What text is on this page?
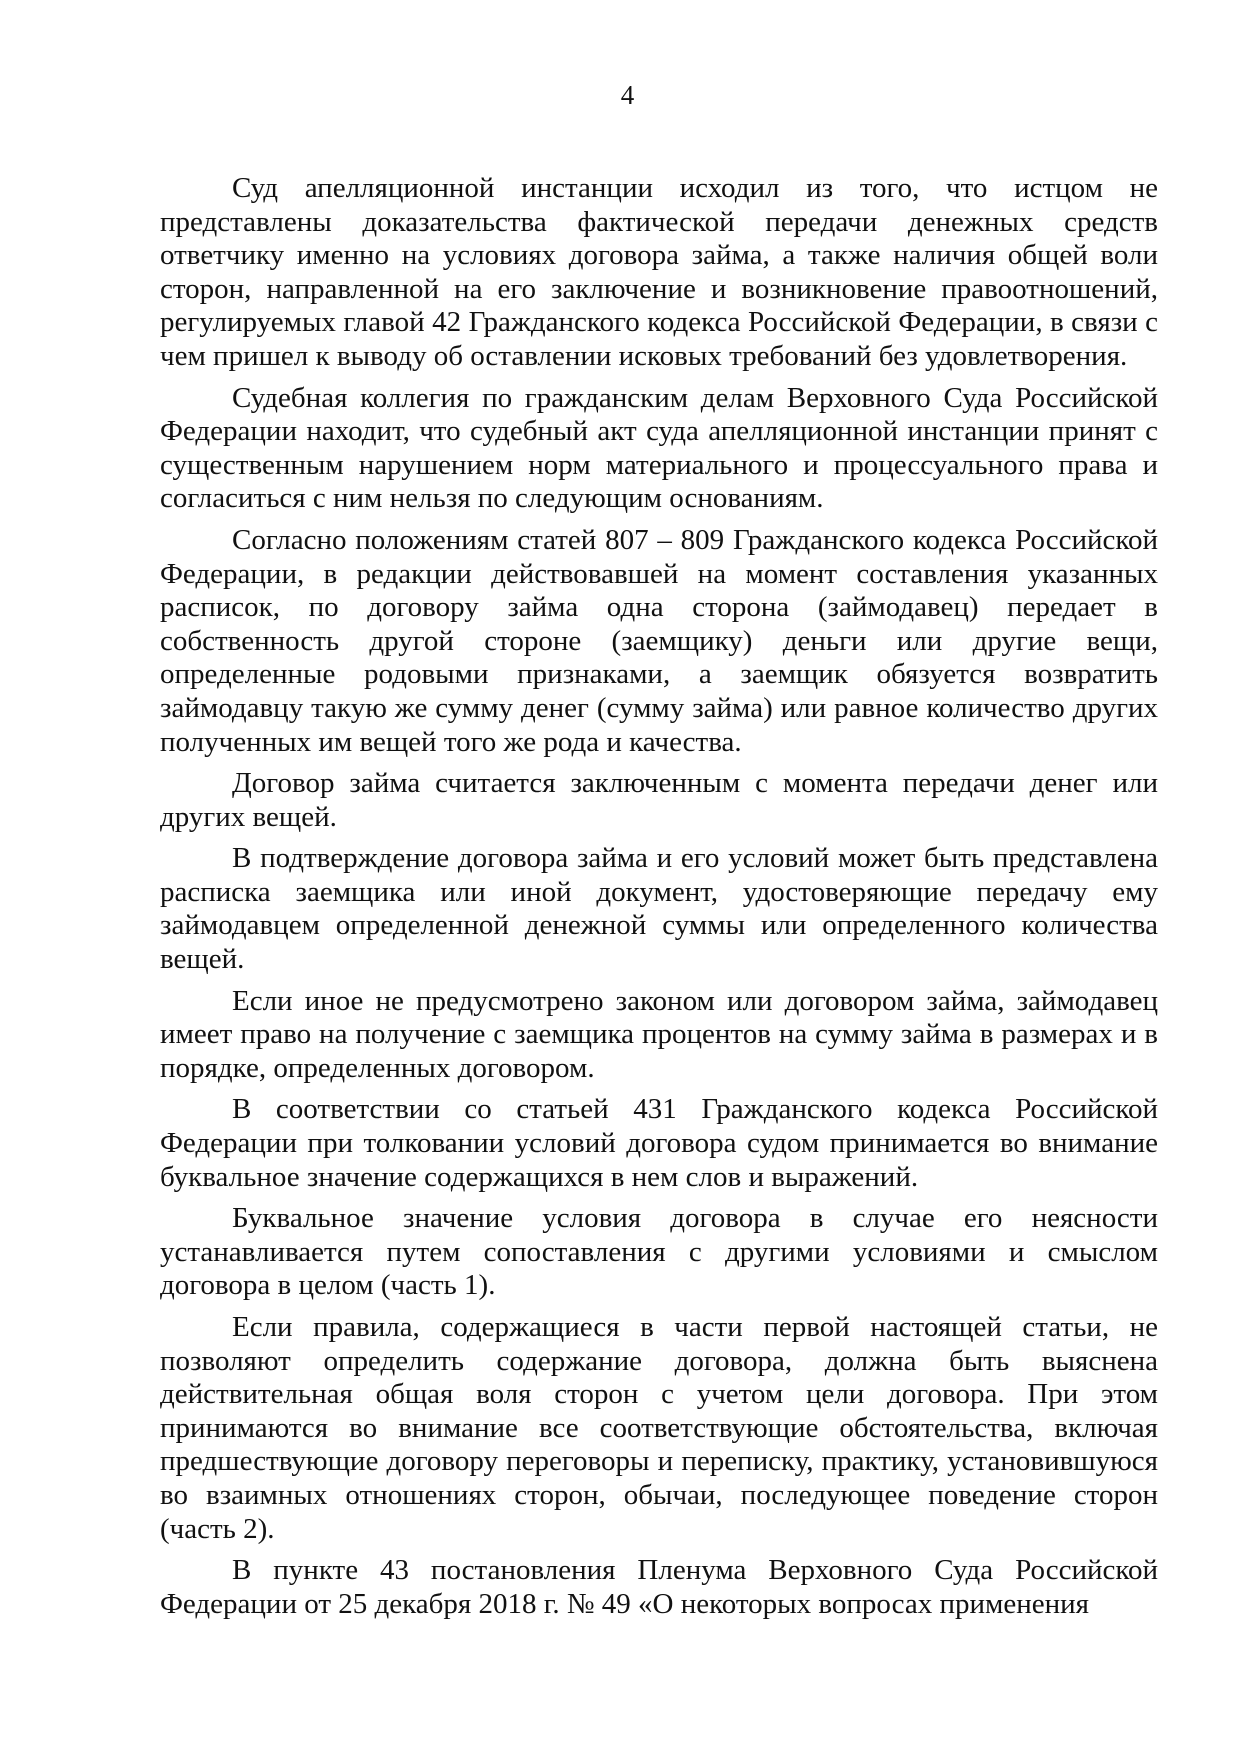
4

Суд апелляционной инстанции исходил из того, что истцом не представлены доказательства фактической передачи денежных средств ответчику именно на условиях договора займа, а также наличия общей воли сторон, направленной на его заключение и возникновение правоотношений, регулируемых главой 42 Гражданского кодекса Российской Федерации, в связи с чем пришел к выводу об оставлении исковых требований без удовлетворения.

Судебная коллегия по гражданским делам Верховного Суда Российской Федерации находит, что судебный акт суда апелляционной инстанции принят с существенным нарушением норм материального и процессуального права и согласиться с ним нельзя по следующим основаниям.

Согласно положениям статей 807 – 809 Гражданского кодекса Российской Федерации, в редакции действовавшей на момент составления указанных расписок, по договору займа одна сторона (займодавец) передает в собственность другой стороне (заемщику) деньги или другие вещи, определенные родовыми признаками, а заемщик обязуется возвратить займодавцу такую же сумму денег (сумму займа) или равное количество других полученных им вещей того же рода и качества.

Договор займа считается заключенным с момента передачи денег или других вещей.

В подтверждение договора займа и его условий может быть представлена расписка заемщика или иной документ, удостоверяющие передачу ему займодавцем определенной денежной суммы или определенного количества вещей.

Если иное не предусмотрено законом или договором займа, займодавец имеет право на получение с заемщика процентов на сумму займа в размерах и в порядке, определенных договором.

В соответствии со статьей 431 Гражданского кодекса Российской Федерации при толковании условий договора судом принимается во внимание буквальное значение содержащихся в нем слов и выражений.

Буквальное значение условия договора в случае его неясности устанавливается путем сопоставления с другими условиями и смыслом договора в целом (часть 1).

Если правила, содержащиеся в части первой настоящей статьи, не позволяют определить содержание договора, должна быть выяснена действительная общая воля сторон с учетом цели договора. При этом принимаются во внимание все соответствующие обстоятельства, включая предшествующие договору переговоры и переписку, практику, установившуюся во взаимных отношениях сторон, обычаи, последующее поведение сторон (часть 2).

В пункте 43 постановления Пленума Верховного Суда Российской Федерации от 25 декабря 2018 г. № 49 «О некоторых вопросах применения
